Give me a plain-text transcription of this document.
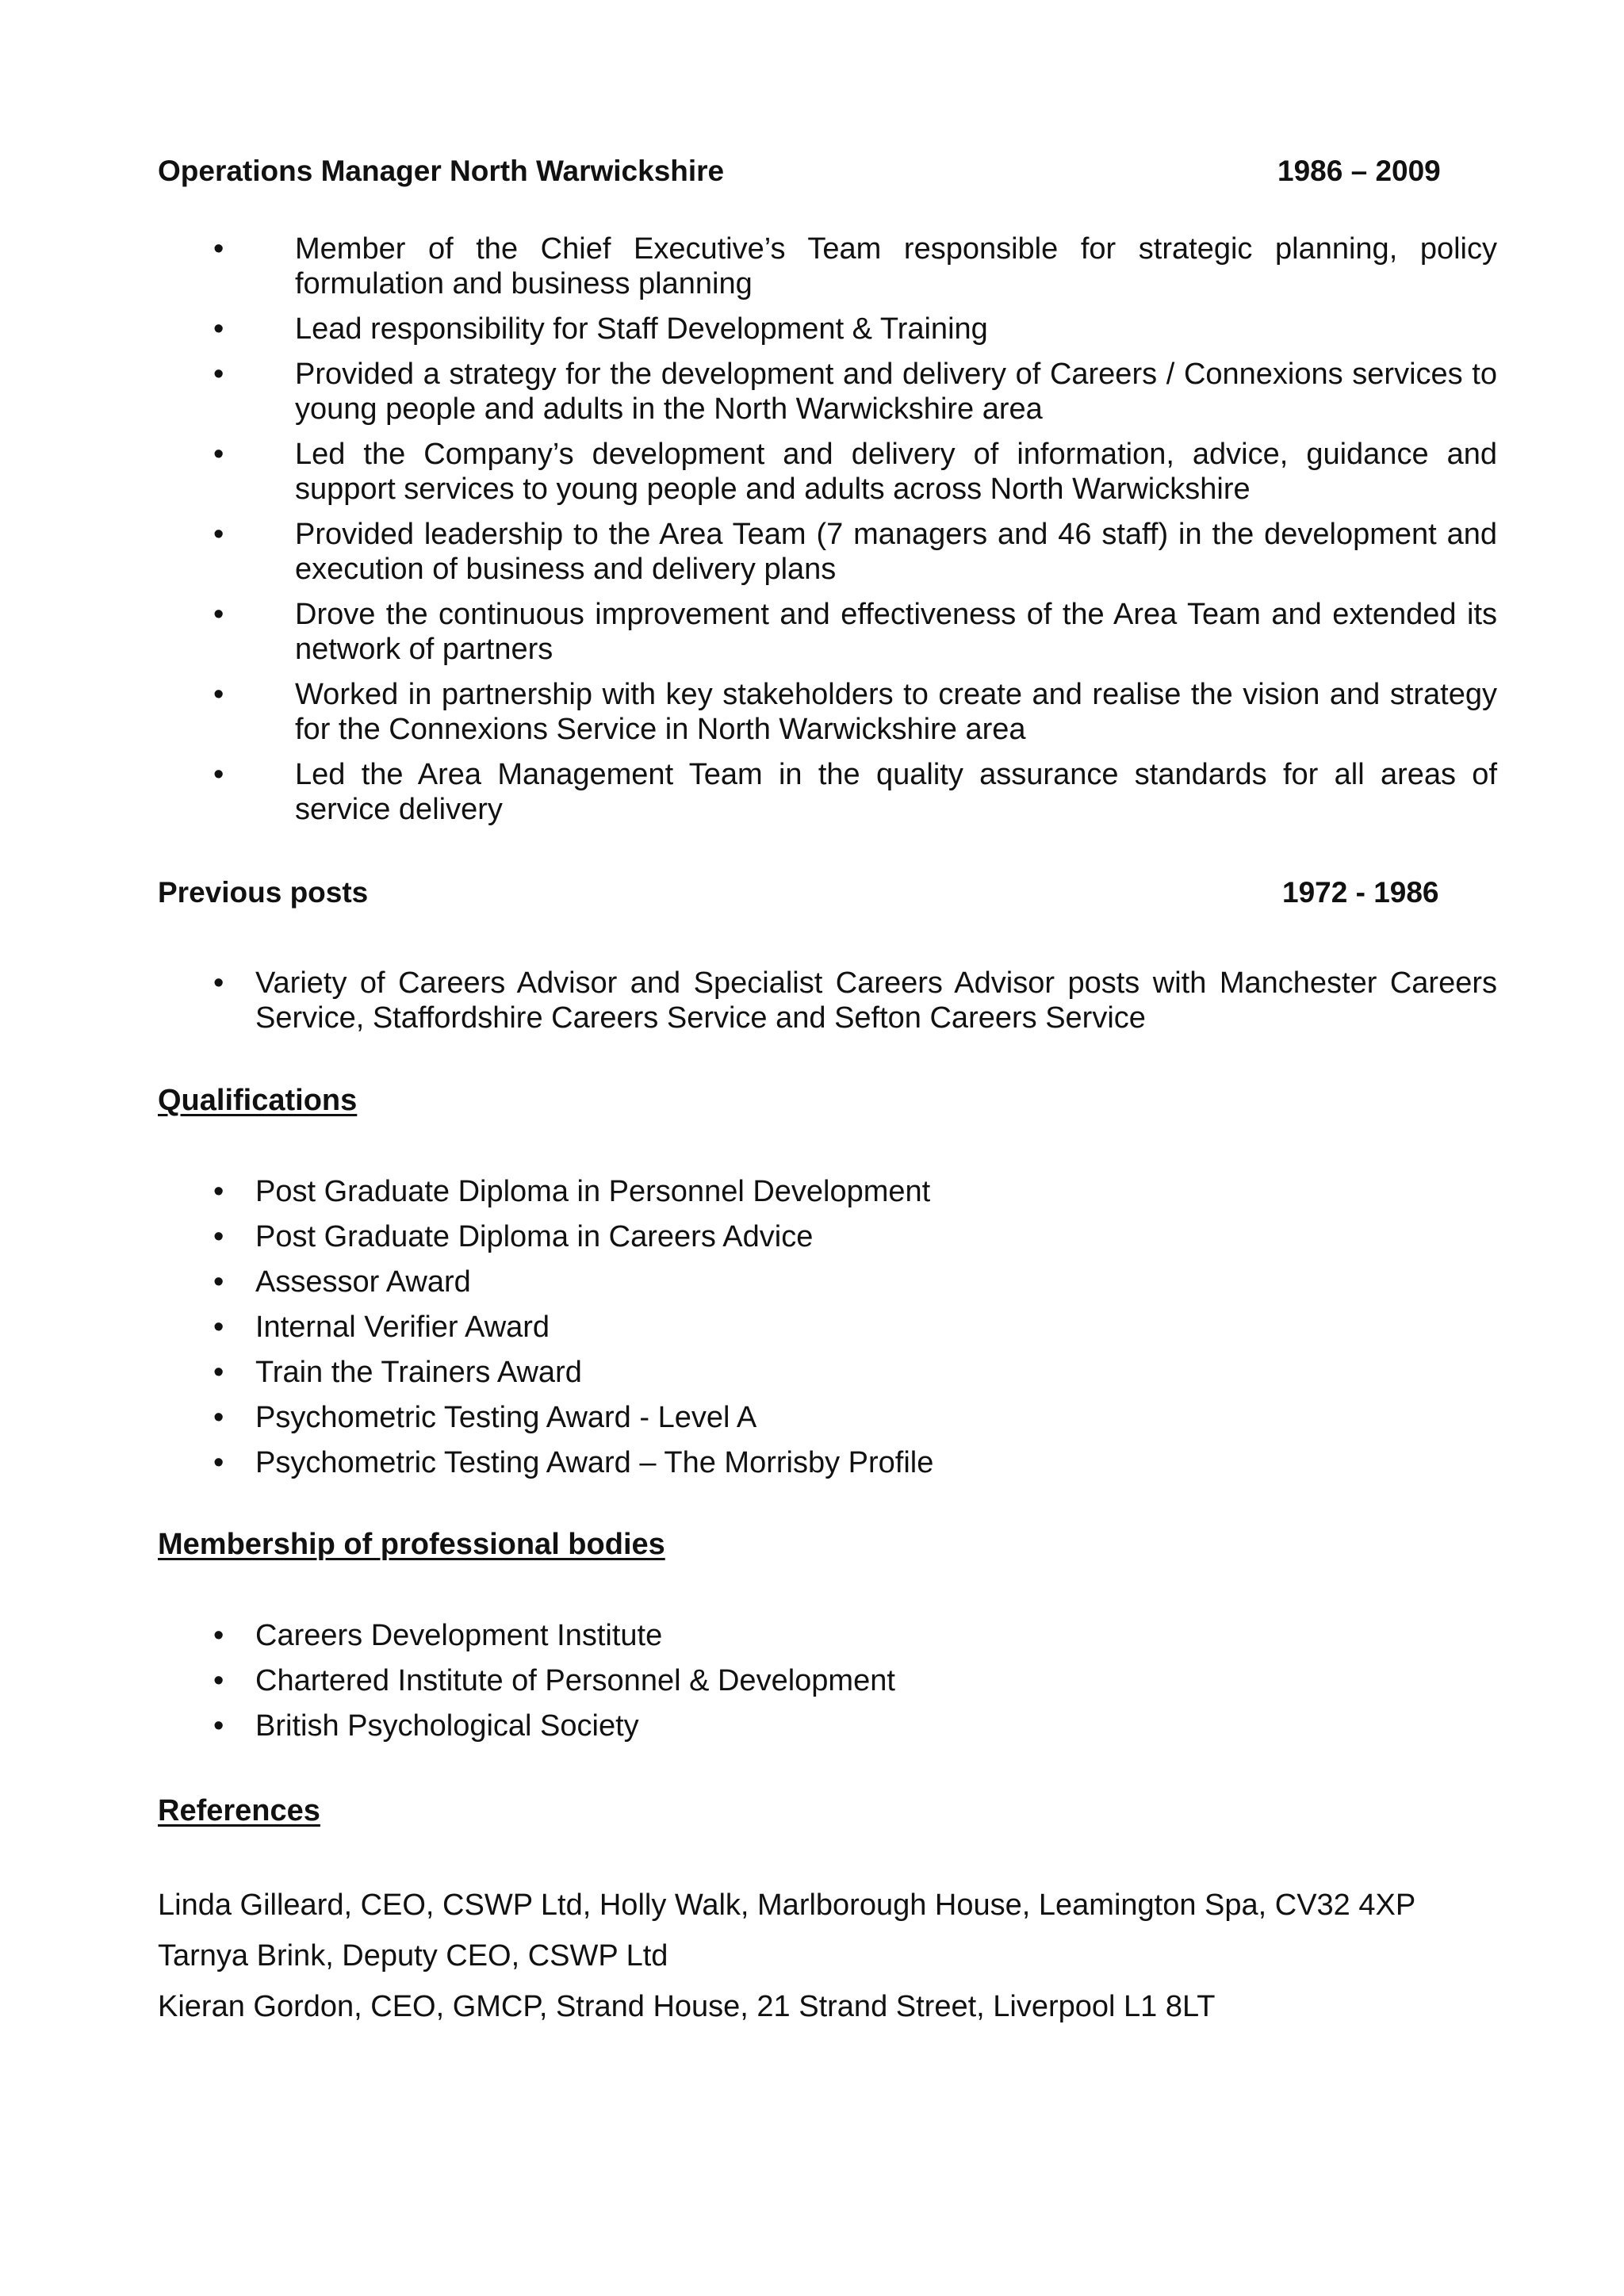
Operations Manager North Warwickshire	1986 – 2009
• Member of the Chief Executive’s Team responsible for strategic planning, policy formulation and business planning
• Lead responsibility for Staff Development & Training
• Provided a strategy for the development and delivery of Careers / Connexions services to young people and adults in the North Warwickshire area
• Led the Company’s development and delivery of information, advice, guidance and support services to young people and adults across North Warwickshire
• Provided leadership to the Area Team (7 managers and 46 staff) in the development and execution of business and delivery plans
• Drove the continuous improvement and effectiveness of the Area Team and extended its network of partners
• Worked in partnership with key stakeholders to create and realise the vision and strategy for the Connexions Service in North Warwickshire area
• Led the Area Management Team in the quality assurance standards for all areas of service delivery
Previous posts	1972 - 1986
• Variety of Careers Advisor and Specialist Careers Advisor posts with Manchester Careers Service, Staffordshire Careers Service and Sefton Careers Service
Qualifications
• Post Graduate Diploma in Personnel Development
• Post Graduate Diploma in Careers Advice
• Assessor Award
• Internal Verifier Award
• Train the Trainers Award
• Psychometric Testing Award - Level A
• Psychometric Testing Award – The Morrisby Profile
Membership of professional bodies
• Careers Development Institute
• Chartered Institute of Personnel & Development
• British Psychological Society
References
Linda Gilleard, CEO, CSWP Ltd, Holly Walk, Marlborough House, Leamington Spa, CV32 4XP
Tarnya Brink, Deputy CEO, CSWP Ltd
Kieran Gordon, CEO, GMCP, Strand House, 21 Strand Street, Liverpool L1 8LT
